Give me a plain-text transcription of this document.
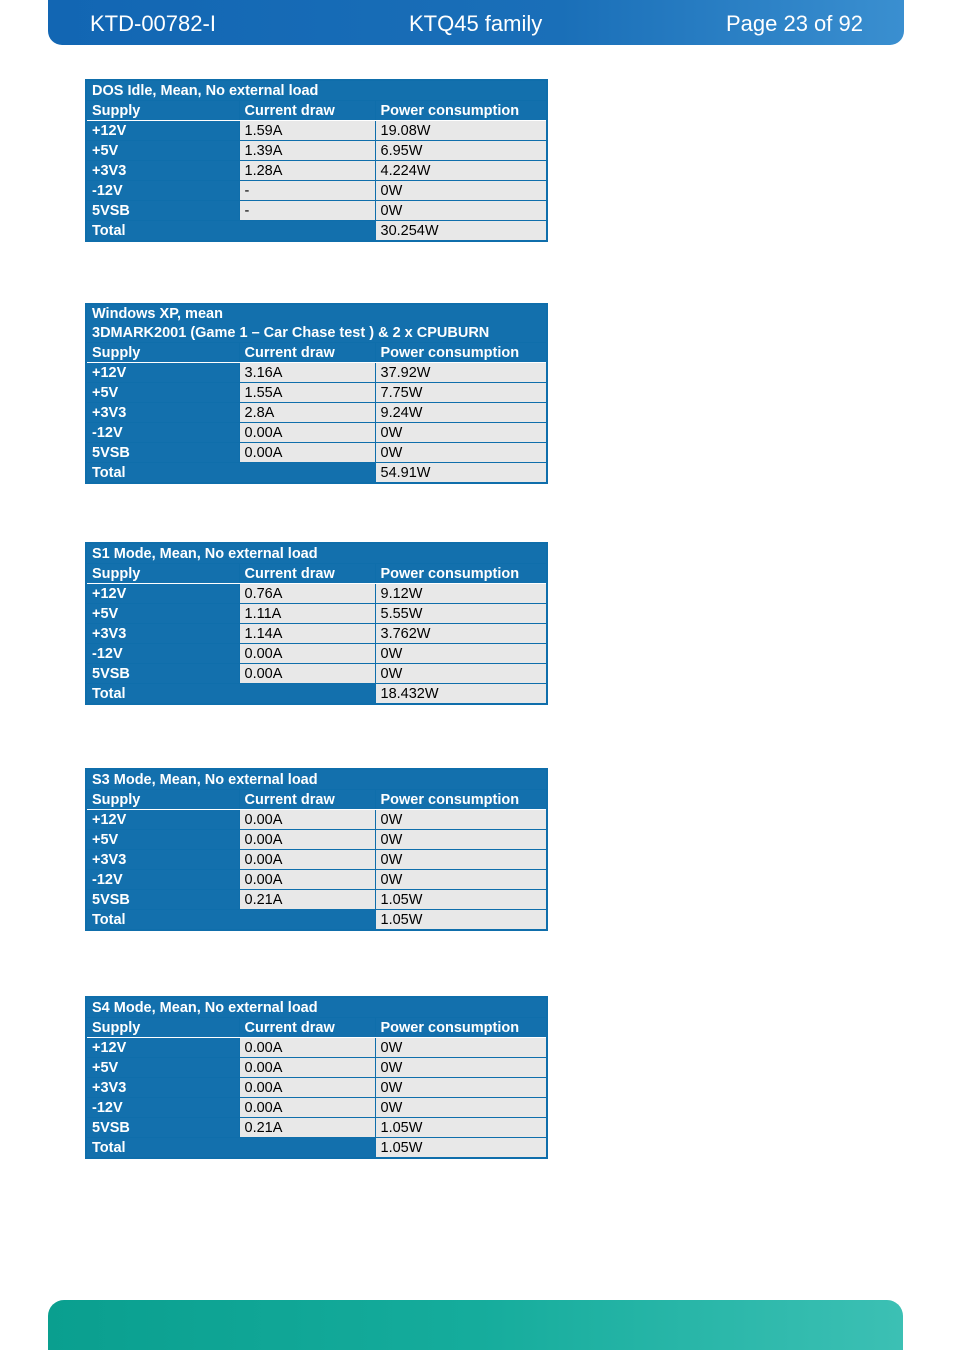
KTD-00782-I	KTQ45 family	Page 23 of 92
DOS Idle, Mean, No external load		
Supply	Current draw	Power consumption
+12V	1.59A	19.08W
+5V	1.39A	6.95W
+3V3	1.28A	4.224W
-12V	-	0W
5VSB	-	0W
Total		30.254W
Windows XP, mean
3DMARK2001 (Game 1 – Car Chase test ) & 2 x CPUBURN		

Supply	Current draw	Power consumption
+12V	3.16A	37.92W
+5V	1.55A	7.75W
+3V3	2.8A	9.24W
-12V	0.00A	0W
5VSB	0.00A	0W
Total		54.91W
S1 Mode, Mean, No external load		
Supply	Current draw	Power consumption
+12V	0.76A	9.12W
+5V	1.11A	5.55W
+3V3	1.14A	3.762W
-12V	0.00A	0W
5VSB	0.00A	0W
Total		18.432W
S3 Mode, Mean, No external load		
Supply	Current draw	Power consumption
+12V	0.00A	0W
+5V	0.00A	0W
+3V3	0.00A	0W
-12V	0.00A	0W
5VSB	0.21A	1.05W
Total		1.05W
S4 Mode, Mean, No external load		
Supply	Current draw	Power consumption
+12V	0.00A	0W
+5V	0.00A	0W
+3V3	0.00A	0W
-12V	0.00A	0W
5VSB	0.21A	1.05W
Total		1.05W
